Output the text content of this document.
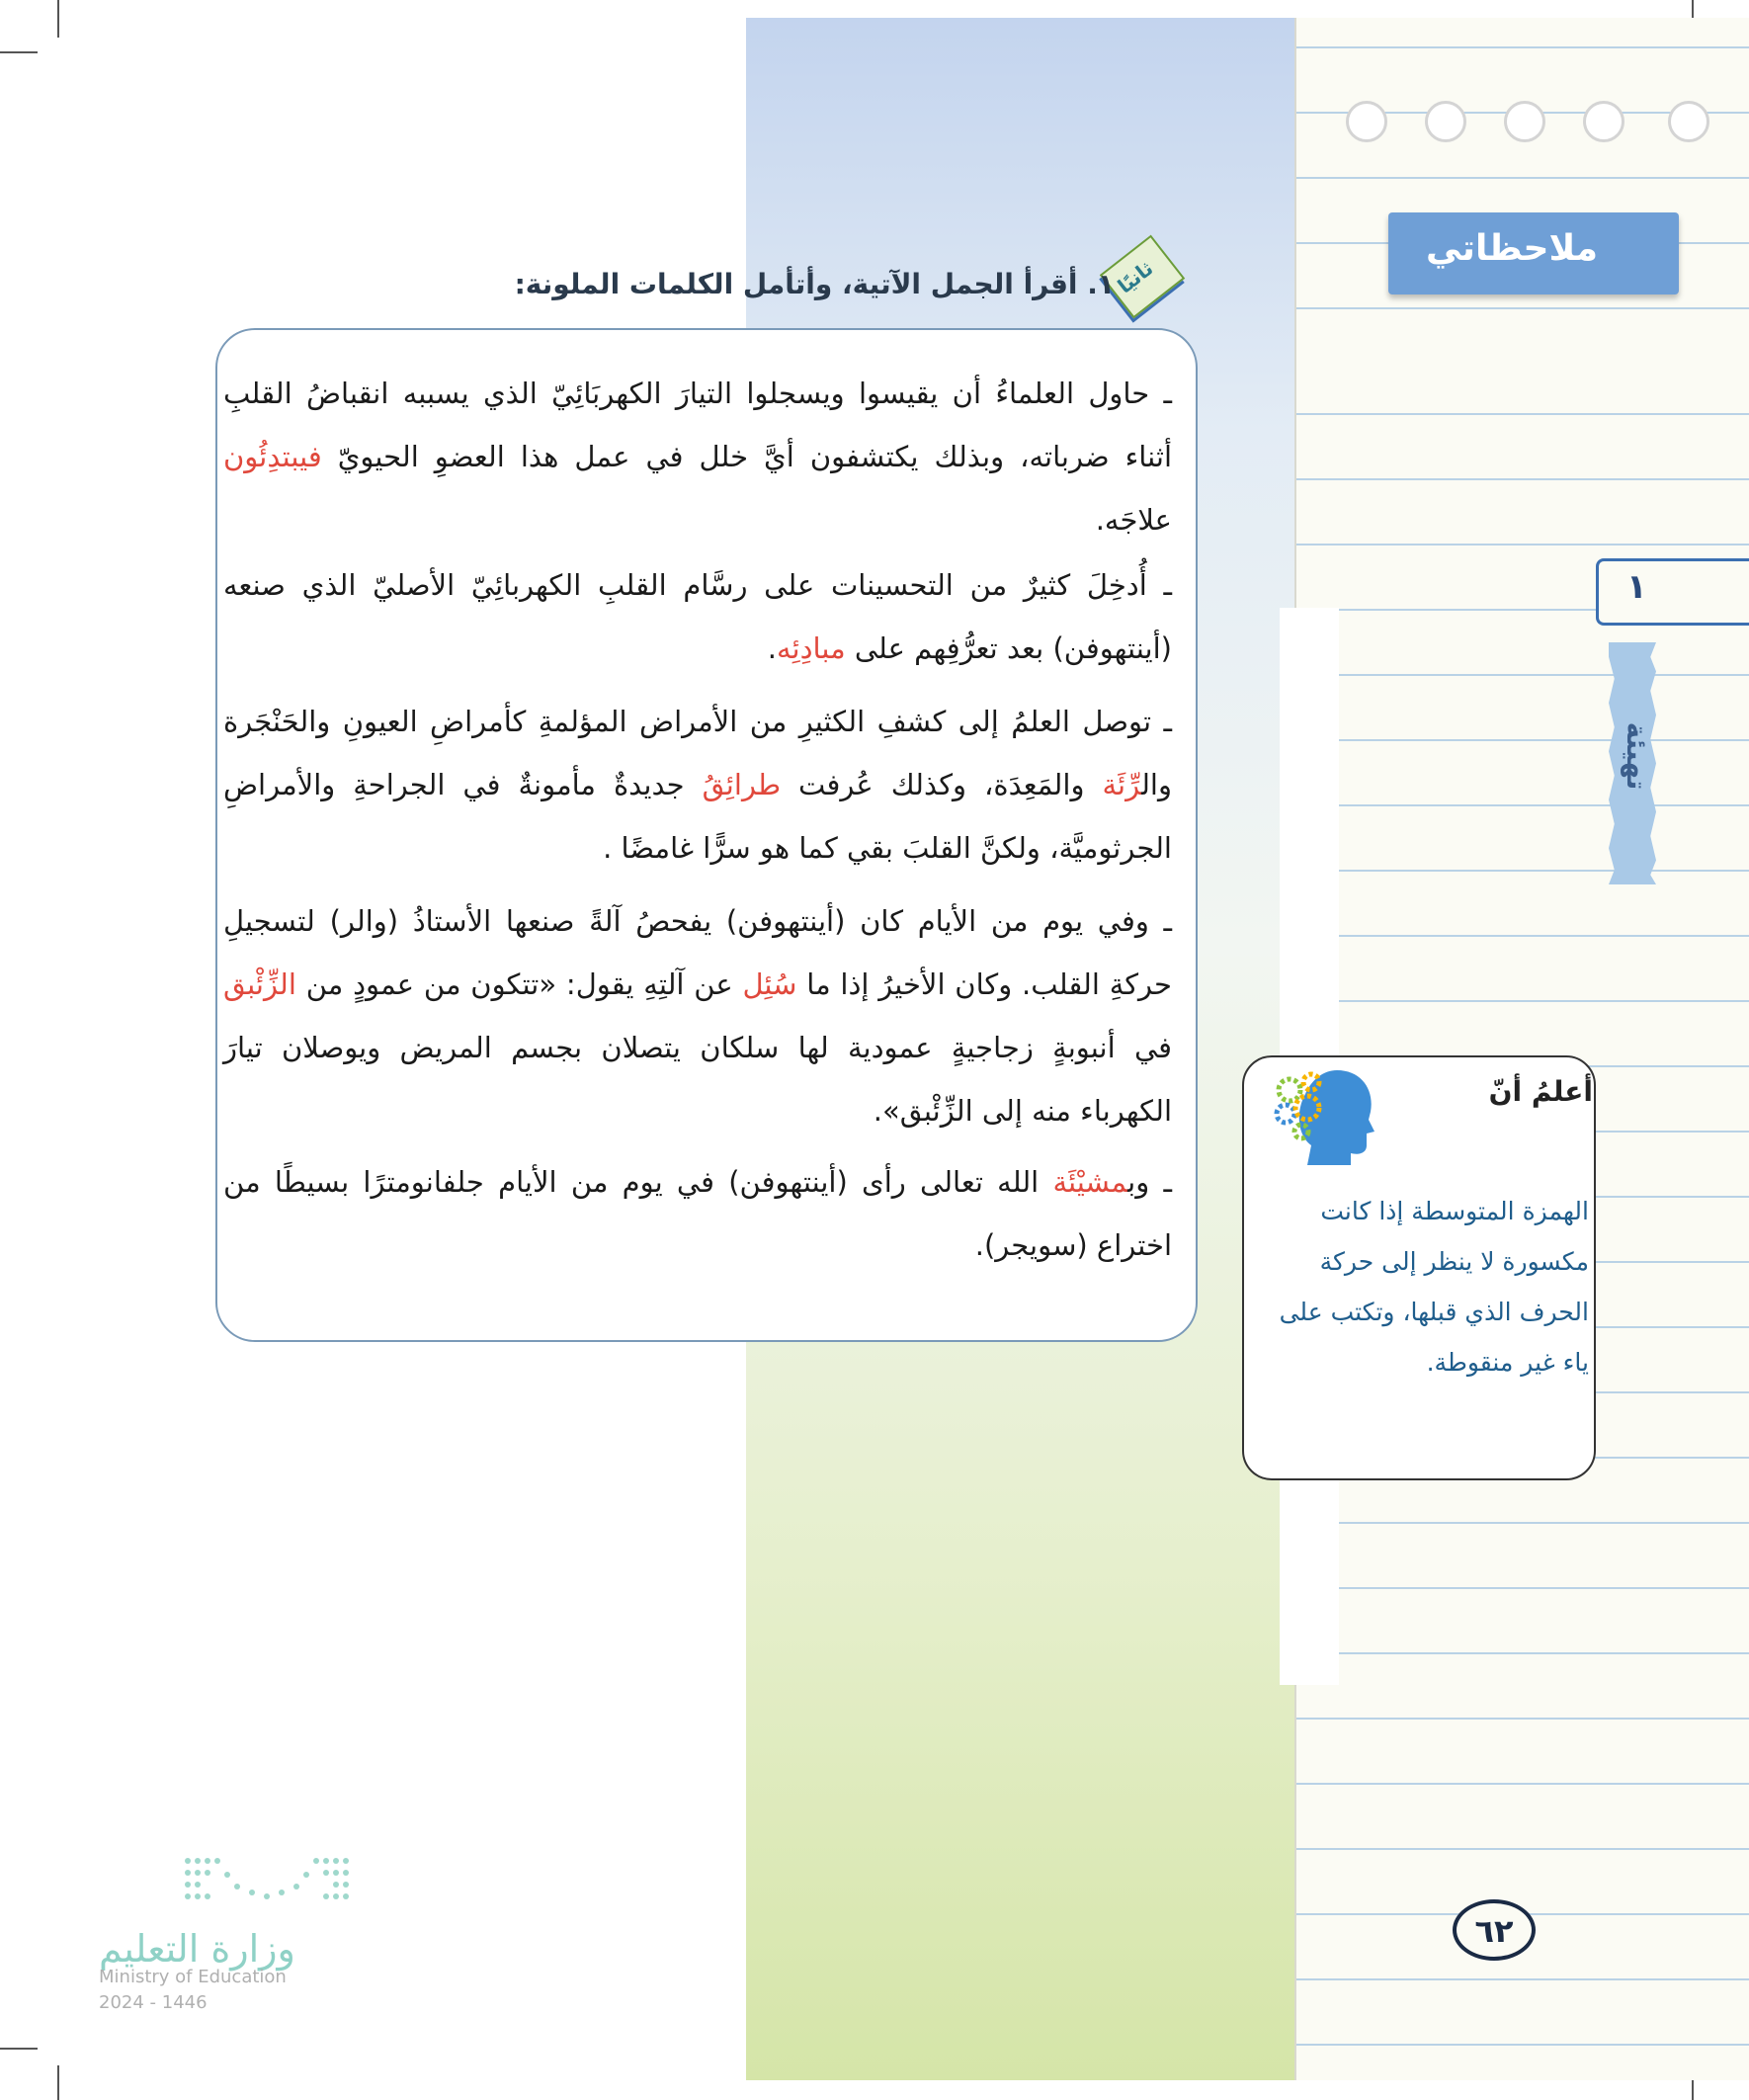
ملاحظاتي
١
تهيئة
ثانيًا
١. أقرأ الجمل الآتية، وأتأمل الكلمات الملونة:
ـ حاول العلماءُ أن يقيسوا ويسجلوا التيارَ الكهربَائِيّ الذي يسببه انقباضُ القلبِ أثناء ضرباته، وبذلك يكتشفون أيَّ خلل في عمل هذا العضوِ الحيويّ فيبتدِئُون علاجَه.
ـ أُدخِلَ كثيرٌ من التحسينات على رسَّام القلبِ الكهربائِيّ الأصليّ الذي صنعه (أينتهوفن) بعد تعرُّفِهم على مبادِئِه.
ـ توصل العلمُ إلى كشفِ الكثيرِ من الأمراض المؤلمةِ كأمراضِ العيونِ والحَنْجَرة والرِّئَة والمَعِدَة، وكذلك عُرفت طرائِقُ جديدةٌ مأمونةٌ في الجراحةِ والأمراضِ الجرثوميَّة، ولكنَّ القلبَ بقي كما هو سرًّا غامضًا .
ـ وفي يوم من الأيام كان (أينتهوفن) يفحصُ آلةً صنعها الأستاذُ (والر) لتسجيلِ حركةِ القلب. وكان الأخيرُ إذا ما سُئِل عن آلتِهِ يقول: «تتكون من عمودٍ من الزِّئْبق في أنبوبةٍ زجاجيةٍ عمودية لها سلكان يتصلان بجسم المريض ويوصلان تيارَ الكهرباء منه إلى الزِّئْبق».
ـ وبمشيْئَة الله تعالى رأى (أينتهوفن) في يوم من الأيام جلفانومترًا بسيطًا من اختراع (سويجر).
أعلمُ أنّ
الهمزة المتوسطة إذا كانت مكسورة لا ينظر إلى حركة الحرف الذي قبلها، وتكتب على ياء غير منقوطة.
٦٢
وزارة التعليم
Ministry of Education
2024 - 1446
